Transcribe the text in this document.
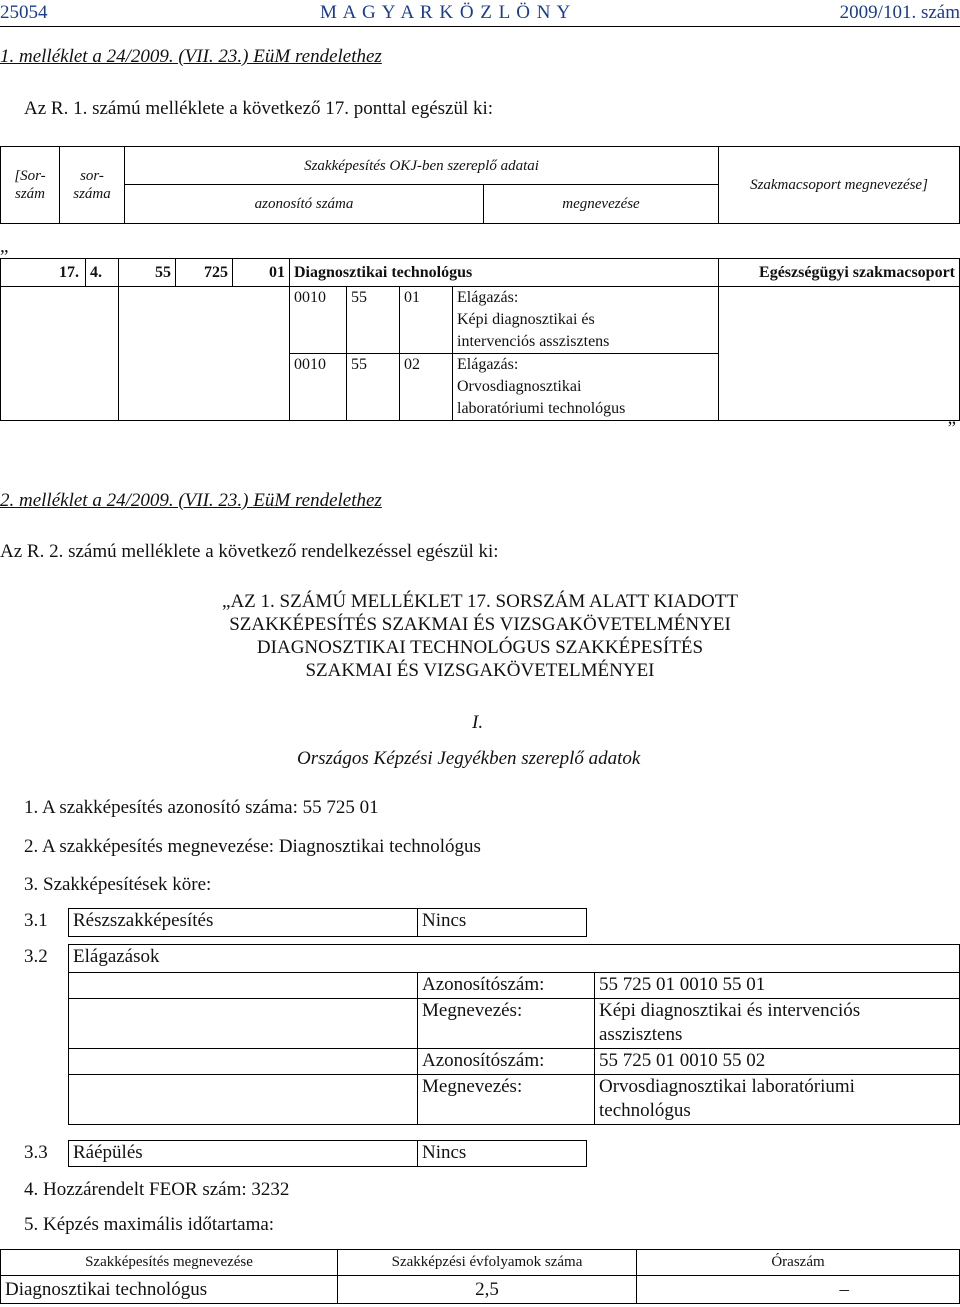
25054	M A G Y A R K Ö Z L Ö N Y	2009/101. szám
1. melléklet a 24/2009. (VII. 23.) EüM rendelethez
Az R. 1. számú melléklete a következő 17. ponttal egészül ki:
[Sor-
szám	sor-
száma	Szakképesítés OKJ-ben szereplő adatai		Szakmacsoport megnevezése]
		azonosító száma	megnevezése	
„
17.	4.	55	725	01	Diagnosztikai technológus				Egészségügyi szakmacsoport
					0010	55	01	Elágazás:
Képi diagnosztikai és
intervenciós asszisztens	
					0010	55	02	Elágazás:
Orvosdiagnosztikai
laboratóriumi technológus	
”
2. melléklet a 24/2009. (VII. 23.) EüM rendelethez
Az R. 2. számú melléklete a következő rendelkezéssel egészül ki:
„AZ 1. SZÁMÚ MELLÉKLET 17. SORSZÁM ALATT KIADOTT
SZAKKÉPESÍTÉS SZAKMAI ÉS VIZSGAKÖVETELMÉNYEI
DIAGNOSZTIKAI TECHNOLÓGUS SZAKKÉPESÍTÉS
SZAKMAI ÉS VIZSGAKÖVETELMÉNYEI
I.
Országos Képzési Jegyékben szereplő adatok
1. A szakképesítés azonosító száma: 55 725 01
2. A szakképesítés megnevezése: Diagnosztikai technológus
3. Szakképesítések köre:
3.1	Részszakképesítés	Nincs	
3.2	Elágazások		
		Azonosítószám:	55 725 01 0010 55 01
		Megnevezés:	Képi diagnosztikai és intervenciós
asszisztens
		Azonosítószám:	55 725 01 0010 55 02
		Megnevezés:	Orvosdiagnosztikai laboratóriumi
technológus
3.3	Ráépülés	Nincs	
4. Hozzárendelt FEOR szám: 3232
5. Képzés maximális időtartama:
Szakképesítés megnevezése	Szakképzési évfolyamok száma	Óraszám
Diagnosztikai technológus	2,5	–
